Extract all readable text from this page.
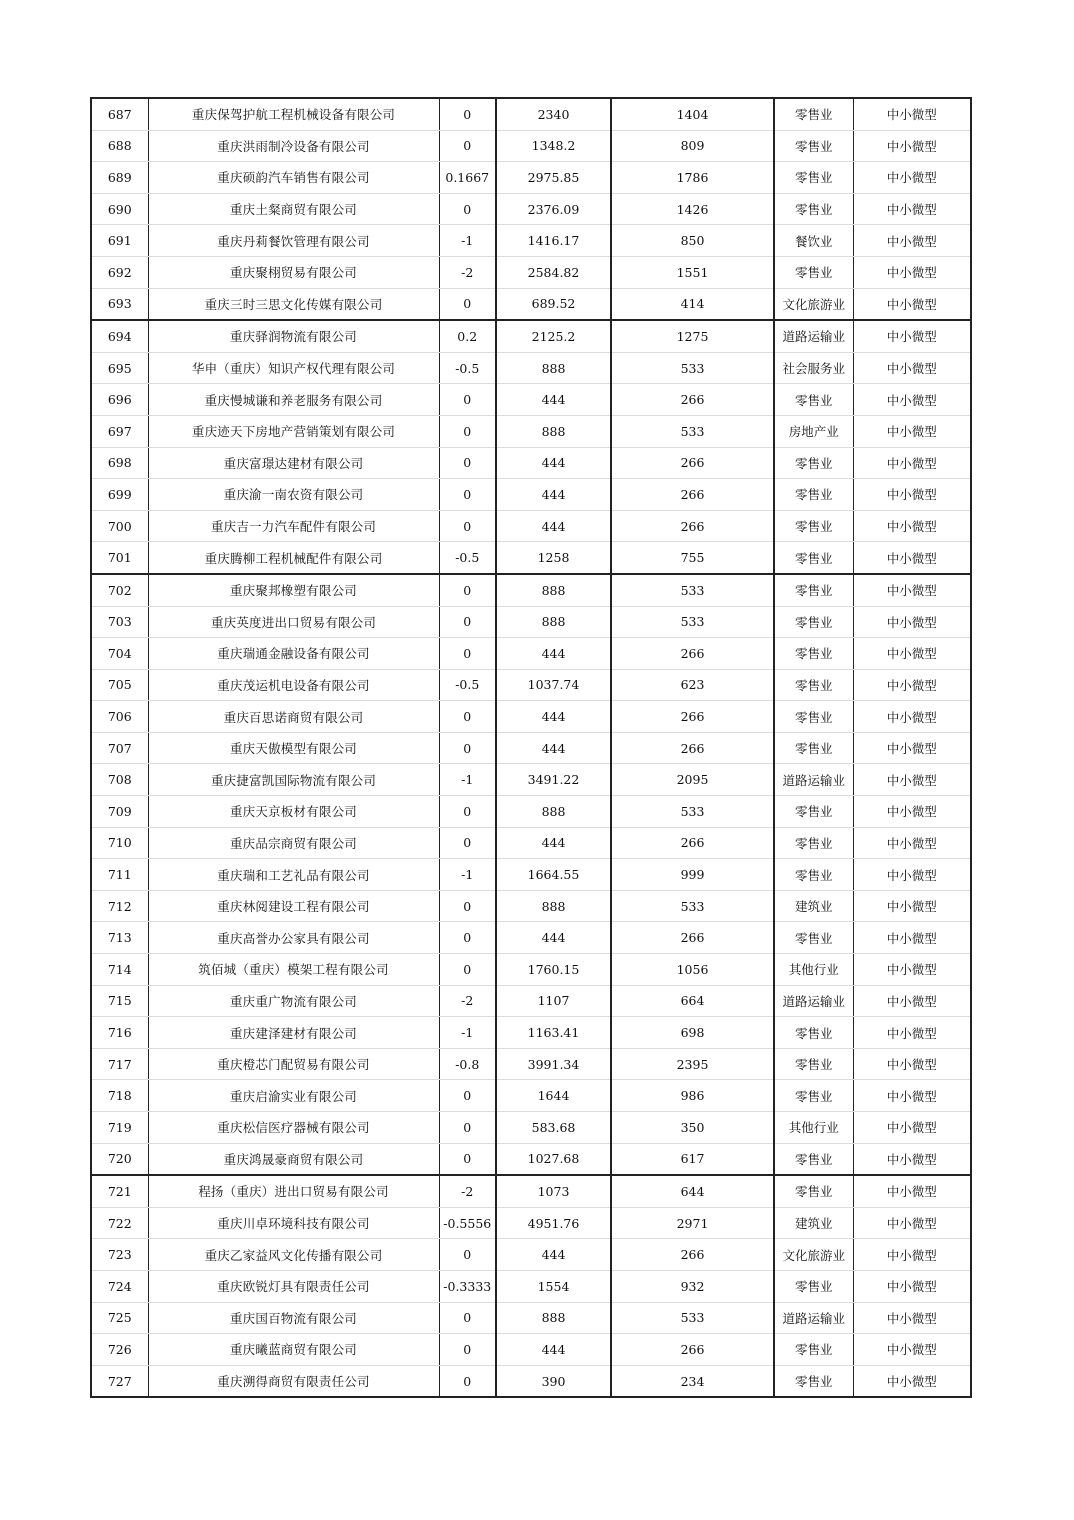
687	重庆保驾护航工程机械设备有限公司	0	2340	1404	零售业	中小微型
688	重庆洪雨制冷设备有限公司	0	1348.2	809	零售业	中小微型
689	重庆硕韵汽车销售有限公司	0.1667	2975.85	1786	零售业	中小微型
690	重庆土粲商贸有限公司	0	2376.09	1426	零售业	中小微型
691	重庆丹莉餐饮管理有限公司	-1	1416.17	850	餐饮业	中小微型
692	重庆聚栩贸易有限公司	-2	2584.82	1551	零售业	中小微型
693	重庆三时三思文化传媒有限公司	0	689.52	414	文化旅游业	中小微型
694	重庆驿润物流有限公司	0.2	2125.2	1275	道路运输业	中小微型
695	华申（重庆）知识产权代理有限公司	-0.5	888	533	社会服务业	中小微型
696	重庆慢城谦和养老服务有限公司	0	444	266	零售业	中小微型
697	重庆迹天下房地产营销策划有限公司	0	888	533	房地产业	中小微型
698	重庆富璟达建材有限公司	0	444	266	零售业	中小微型
699	重庆渝一南农资有限公司	0	444	266	零售业	中小微型
700	重庆吉一力汽车配件有限公司	0	444	266	零售业	中小微型
701	重庆腾柳工程机械配件有限公司	-0.5	1258	755	零售业	中小微型
702	重庆聚邦橡塑有限公司	0	888	533	零售业	中小微型
703	重庆英度进出口贸易有限公司	0	888	533	零售业	中小微型
704	重庆瑞通金融设备有限公司	0	444	266	零售业	中小微型
705	重庆茂运机电设备有限公司	-0.5	1037.74	623	零售业	中小微型
706	重庆百思诺商贸有限公司	0	444	266	零售业	中小微型
707	重庆天傲模型有限公司	0	444	266	零售业	中小微型
708	重庆捷富凯国际物流有限公司	-1	3491.22	2095	道路运输业	中小微型
709	重庆天京板材有限公司	0	888	533	零售业	中小微型
710	重庆品宗商贸有限公司	0	444	266	零售业	中小微型
711	重庆瑞和工艺礼品有限公司	-1	1664.55	999	零售业	中小微型
712	重庆林阅建设工程有限公司	0	888	533	建筑业	中小微型
713	重庆高誉办公家具有限公司	0	444	266	零售业	中小微型
714	筑佰城（重庆）模架工程有限公司	0	1760.15	1056	其他行业	中小微型
715	重庆重广物流有限公司	-2	1107	664	道路运输业	中小微型
716	重庆建泽建材有限公司	-1	1163.41	698	零售业	中小微型
717	重庆橙芯门配贸易有限公司	-0.8	3991.34	2395	零售业	中小微型
718	重庆启渝实业有限公司	0	1644	986	零售业	中小微型
719	重庆松信医疗器械有限公司	0	583.68	350	其他行业	中小微型
720	重庆鸿晟豪商贸有限公司	0	1027.68	617	零售业	中小微型
721	程扬（重庆）进出口贸易有限公司	-2	1073	644	零售业	中小微型
722	重庆川卓环境科技有限公司	-0.5556	4951.76	2971	建筑业	中小微型
723	重庆乙家益风文化传播有限公司	0	444	266	文化旅游业	中小微型
724	重庆欧锐灯具有限责任公司	-0.3333	1554	932	零售业	中小微型
725	重庆国百物流有限公司	0	888	533	道路运输业	中小微型
726	重庆曦蓝商贸有限公司	0	444	266	零售业	中小微型
727	重庆溯得商贸有限责任公司	0	390	234	零售业	中小微型
